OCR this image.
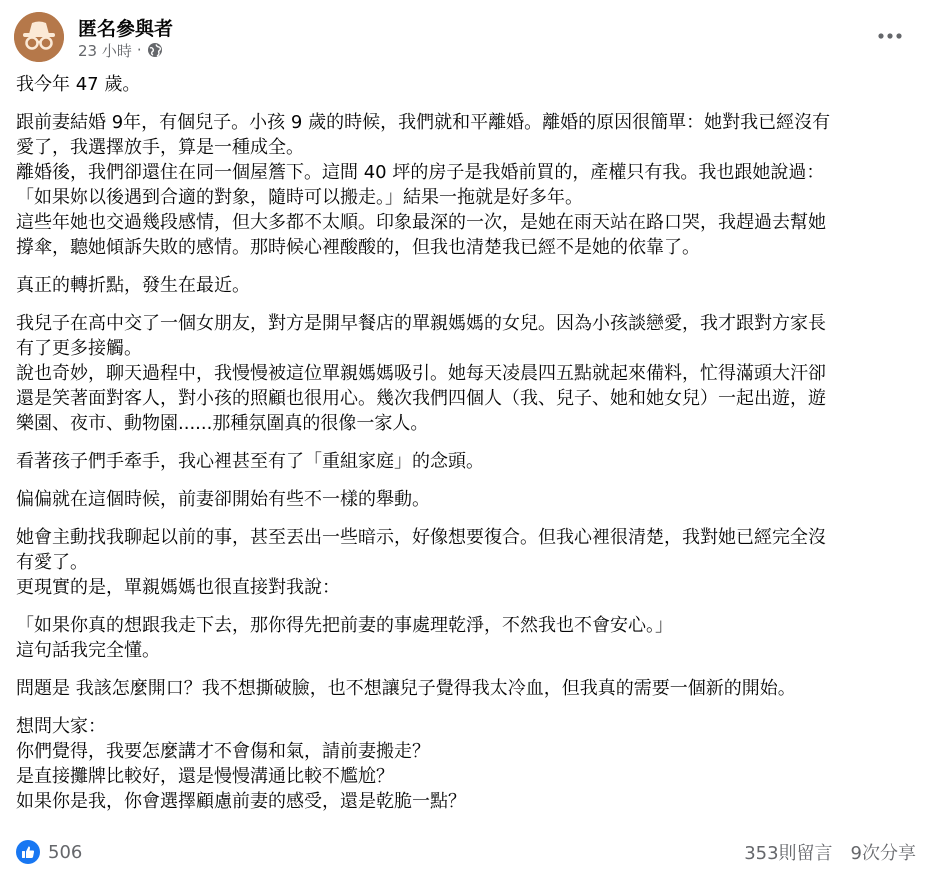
匿名參與者
23 小時 ·
我今年 47 歲。
跟前妻結婚 9年，有個兒子。小孩 9 歲的時候，我們就和平離婚。離婚的原因很簡單：她對我已經沒有
愛了，我選擇放手，算是一種成全。
離婚後，我們卻還住在同一個屋簷下。這間 40 坪的房子是我婚前買的，產權只有我。我也跟她說過：
「如果妳以後遇到合適的對象，隨時可以搬走。」結果一拖就是好多年。
這些年她也交過幾段感情，但大多都不太順。印象最深的一次，是她在雨天站在路口哭，我趕過去幫她
撐傘，聽她傾訴失敗的感情。那時候心裡酸酸的，但我也清楚我已經不是她的依靠了。
真正的轉折點，發生在最近。
我兒子在高中交了一個女朋友，對方是開早餐店的單親媽媽的女兒。因為小孩談戀愛，我才跟對方家長
有了更多接觸。
說也奇妙，聊天過程中，我慢慢被這位單親媽媽吸引。她每天凌晨四五點就起來備料，忙得滿頭大汗卻
還是笑著面對客人，對小孩的照顧也很用心。幾次我們四個人（我、兒子、她和她女兒）一起出遊，遊
樂園、夜市、動物園......那種氛圍真的很像一家人。
看著孩子們手牽手，我心裡甚至有了「重組家庭」的念頭。
偏偏就在這個時候，前妻卻開始有些不一樣的舉動。
她會主動找我聊起以前的事，甚至丟出一些暗示，好像想要復合。但我心裡很清楚，我對她已經完全沒
有愛了。
更現實的是，單親媽媽也很直接對我說：
「如果你真的想跟我走下去，那你得先把前妻的事處理乾淨，不然我也不會安心。」
這句話我完全懂。
問題是 我該怎麼開口？我不想撕破臉，也不想讓兒子覺得我太冷血，但我真的需要一個新的開始。
想問大家：
你們覺得，我要怎麼講才不會傷和氣，請前妻搬走？
是直接攤牌比較好，還是慢慢溝通比較不尷尬？
如果你是我，你會選擇顧慮前妻的感受，還是乾脆一點？
506	353則留言 9次分享
